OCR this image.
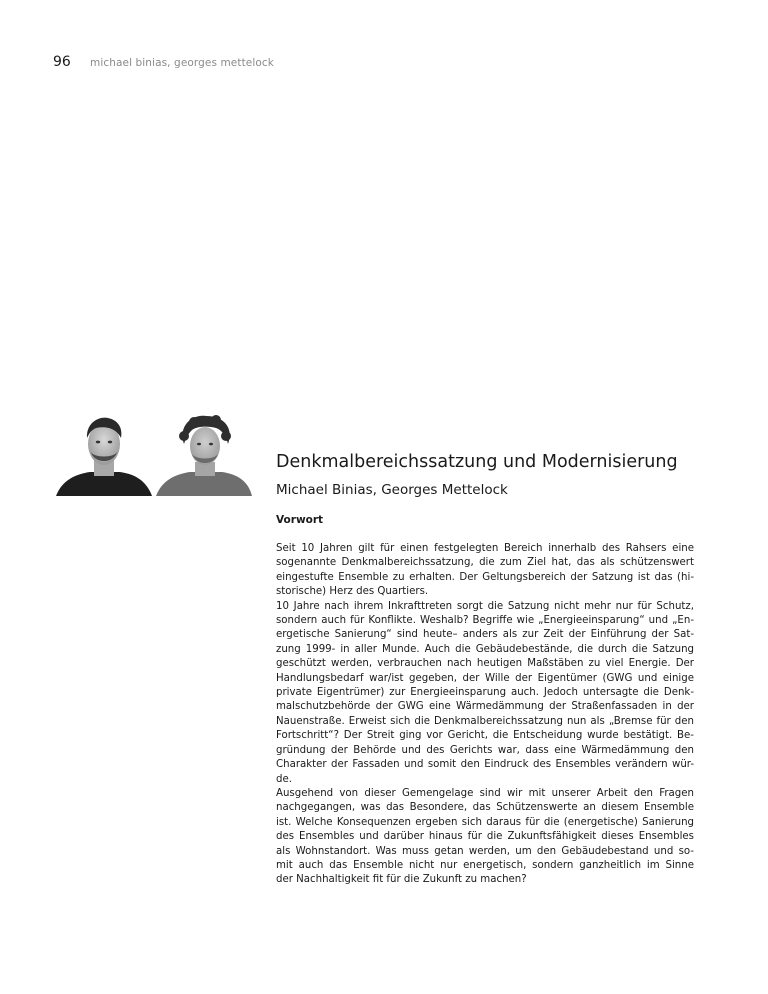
96 michael binias, georges mettelock
Denkmalbereichssatzung und Modernisierung
Michael Binias, Georges Mettelock
Vorwort
Seit 10 Jahren gilt für einen festgelegten Bereich innerhalb des Rahsers eine
sogenannte Denkmalbereichssatzung, die zum Ziel hat, das als schützenswert
eingestufte Ensemble zu erhalten. Der Geltungsbereich der Satzung ist das (hi-
storische) Herz des Quartiers.
10 Jahre nach ihrem Inkrafttreten sorgt die Satzung nicht mehr nur für Schutz,
sondern auch für Konflikte. Weshalb? Begriffe wie „Energieeinsparung“ und „En-
ergetische Sanierung“ sind heute– anders als zur Zeit der Einführung der Sat-
zung 1999- in aller Munde. Auch die Gebäudebestände, die durch die Satzung
geschützt werden, verbrauchen nach heutigen Maßstäben zu viel Energie. Der
Handlungsbedarf war/ist gegeben, der Wille der Eigentümer (GWG und einige
private Eigentrümer) zur Energieeinsparung auch. Jedoch untersagte die Denk-
malschutzbehörde der GWG eine Wärmedämmung der Straßenfassaden in der
Nauenstraße. Erweist sich die Denkmalbereichssatzung nun als „Bremse für den
Fortschritt“? Der Streit ging vor Gericht, die Entscheidung wurde bestätigt. Be-
gründung der Behörde und des Gerichts war, dass eine Wärmedämmung den
Charakter der Fassaden und somit den Eindruck des Ensembles verändern wür-
de.
Ausgehend von dieser Gemengelage sind wir mit unserer Arbeit den Fragen
nachgegangen, was das Besondere, das Schützenswerte an diesem Ensemble
ist. Welche Konsequenzen ergeben sich daraus für die (energetische) Sanierung
des Ensembles und darüber hinaus für die Zukunftsfähigkeit dieses Ensembles
als Wohnstandort. Was muss getan werden, um den Gebäudebestand und so-
mit auch das Ensemble nicht nur energetisch, sondern ganzheitlich im Sinne
der Nachhaltigkeit fit für die Zukunft zu machen?
